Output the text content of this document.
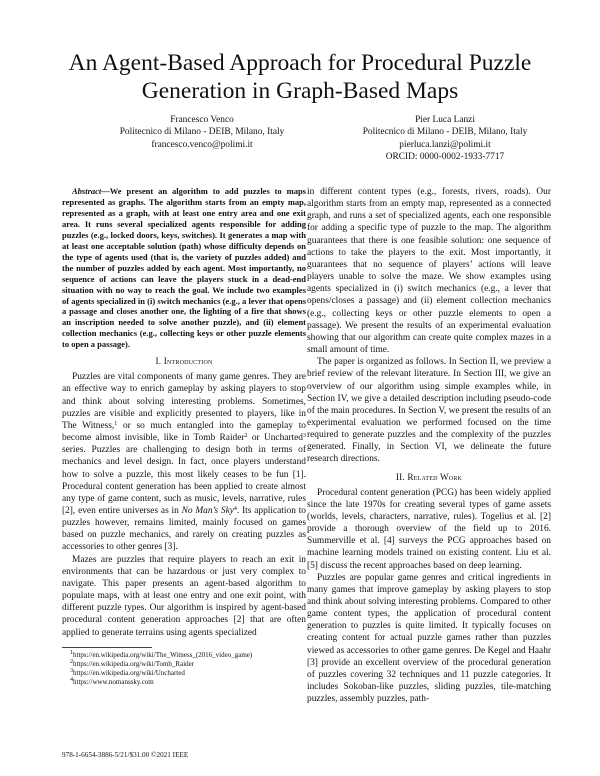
An Agent-Based Approach for Procedural Puzzle Generation in Graph-Based Maps
Francesco Venco
Politecnico di Milano - DEIB, Milano, Italy
francesco.venco@polimi.it
Pier Luca Lanzi
Politecnico di Milano - DEIB, Milano, Italy
pierluca.lanzi@polimi.it
ORCID: 0000-0002-1933-7717

Abstract—We present an algorithm to add puzzles to maps represented as graphs. The algorithm starts from an empty map, represented as a graph, with at least one entry area and one exit area. It runs several specialized agents responsible for adding puzzles (e.g., locked doors, keys, switches). It generates a map with at least one acceptable solution (path) whose difficulty depends on the type of agents used (that is, the variety of puzzles added) and the number of puzzles added by each agent. Most importantly, no sequence of actions can leave the players stuck in a dead-end situation with no way to reach the goal. We include two examples of agents specialized in (i) switch mechanics (e.g., a lever that opens a passage and closes another one, the lighting of a fire that shows an inscription needed to solve another puzzle), and (ii) element collection mechanics (e.g., collecting keys or other puzzle elements to open a passage).

I. Introduction

Puzzles are vital components of many game genres. They are an effective way to enrich gameplay by asking players to stop and think about solving interesting problems. Sometimes, puzzles are visible and explicitly presented to players, like in The Witness,$^1$ or so much entangled into the gameplay to become almost invisible, like in Tomb Raider$^2$ or Uncharted$^3$ series. Puzzles are challenging to design both in terms of mechanics and level design. In fact, once players understand how to solve a puzzle, this most likely ceases to be fun [1]. Procedural content generation has been applied to create almost any type of game content, such as music, levels, narrative, rules [2], even entire universes as in No Man’s Sky$^4$. Its application to puzzles however, remains limited, mainly focused on games based on puzzle mechanics, and rarely on creating puzzles as accessories to other genres [3].

Mazes are puzzles that require players to reach an exit in environments that can be hazardous or just very complex to navigate. This paper presents an agent-based algorithm to populate maps, with at least one entry and one exit point, with different puzzle types. Our algorithm is inspired by agent-based procedural content generation approaches [2] that are often applied to generate terrains using agents specialized

$^1$https://en.wikipedia.org/wiki/The_Witness_(2016_video_game)
$^2$https://en.wikipedia.org/wiki/Tomb_Raider
$^3$https://en.wikipedia.org/wiki/Uncharted
$^4$https://www.nomanssky.com

in different content types (e.g., forests, rivers, roads). Our algorithm starts from an empty map, represented as a connected graph, and runs a set of specialized agents, each one responsible for adding a specific type of puzzle to the map. The algorithm guarantees that there is one feasible solution: one sequence of actions to take the players to the exit. Most importantly, it guarantees that no sequence of players’ actions will leave players unable to solve the maze. We show examples using agents specialized in (i) switch mechanics (e.g., a lever that opens/closes a passage) and (ii) element collection mechanics (e.g., collecting keys or other puzzle elements to open a passage). We present the results of an experimental evaluation showing that our algorithm can create quite complex mazes in a small amount of time.

The paper is organized as follows. In Section II, we preview a brief review of the relevant literature. In Section III, we give an overview of our algorithm using simple examples while, in Section IV, we give a detailed description including pseudo-code of the main procedures. In Section V, we present the results of an experimental evaluation we performed focused on the time required to generate puzzles and the complexity of the puzzles generated. Finally, in Section VI, we delineate the future research directions.

II. Related Work

Procedural content generation (PCG) has been widely applied since the late 1970s for creating several types of game assets (worlds, levels, characters, narrative, rules). Togelius et al. [2] provide a thorough overview of the field up to 2016. Summerville et al. [4] surveys the PCG approaches based on machine learning models trained on existing content. Liu et al. [5] discuss the recent approaches based on deep learning.

Puzzles are popular game genres and critical ingredients in many games that improve gameplay by asking players to stop and think about solving interesting problems. Compared to other game content types, the application of procedural content generation to puzzles is quite limited. It typically focuses on creating content for actual puzzle games rather than puzzles viewed as accessories to other game genres. De Kegel and Haahr [3] provide an excellent overview of the procedural generation of puzzles covering 32 techniques and 11 puzzle categories. It includes Sokoban-like puzzles, sliding puzzles, tile-matching puzzles, assembly puzzles, path-

978-1-6654-3886-5/21/$31.00 ©2021 IEEE
